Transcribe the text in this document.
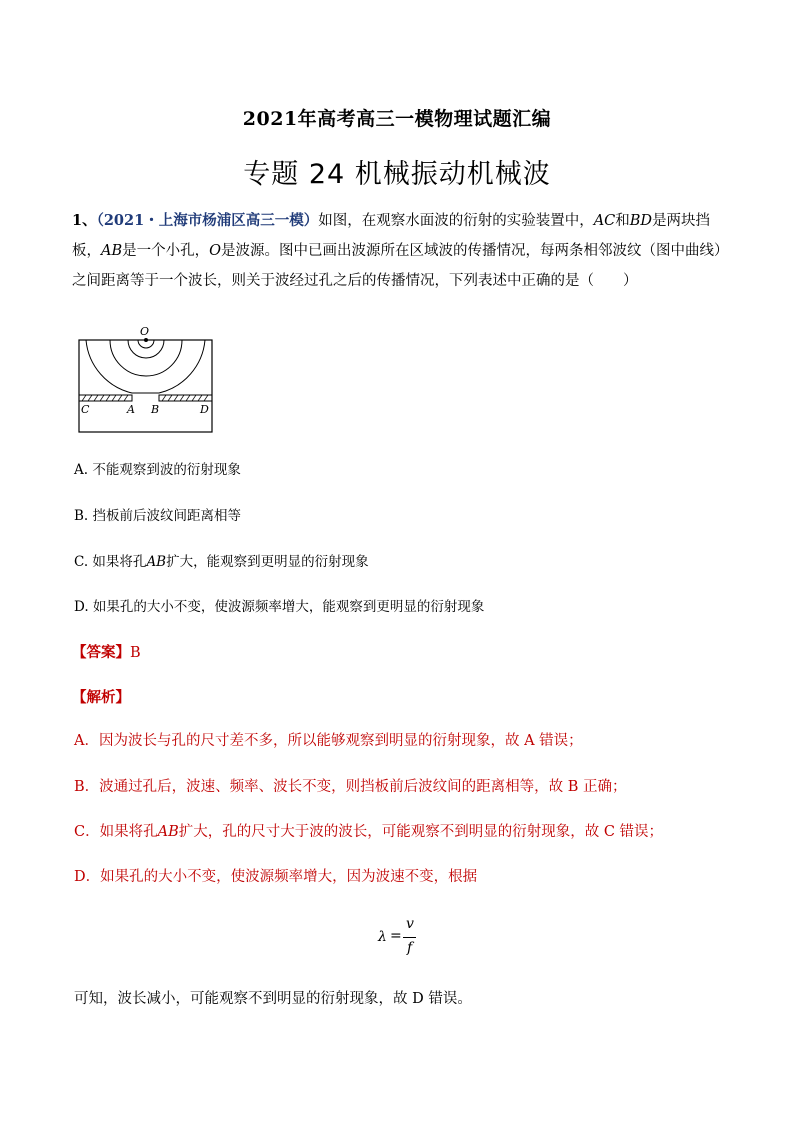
2021年高考高三一模物理试题汇编
专题 24 机械振动机械波
1、（2021・上海市杨浦区高三一模）如图，在观察水面波的衍射的实验装置中，AC和BD是两块挡板，AB是一个小孔，O是波源。图中已画出波源所在区域波的传播情况，每两条相邻波纹（图中曲线）之间距离等于一个波长，则关于波经过孔之后的传播情况，下列表述中正确的是（　　）
O
C	A B	D
A. 不能观察到波的衍射现象
B. 挡板前后波纹间距离相等
C. 如果将孔AB扩大，能观察到更明显的衍射现象
D. 如果孔的大小不变，使波源频率增大，能观察到更明显的衍射现象
【答案】B
【解析】
A．因为波长与孔的尺寸差不多，所以能够观察到明显的衍射现象，故 A 错误；
B．波通过孔后，波速、频率、波长不变，则挡板前后波纹间的距离相等，故 B 正确；
C．如果将孔AB扩大，孔的尺寸大于波的波长，可能观察不到明显的衍射现象，故 C 错误；
D．如果孔的大小不变，使波源频率增大，因为波速不变，根据
λ =
v
f
可知，波长减小，可能观察不到明显的衍射现象，故 D 错误。
